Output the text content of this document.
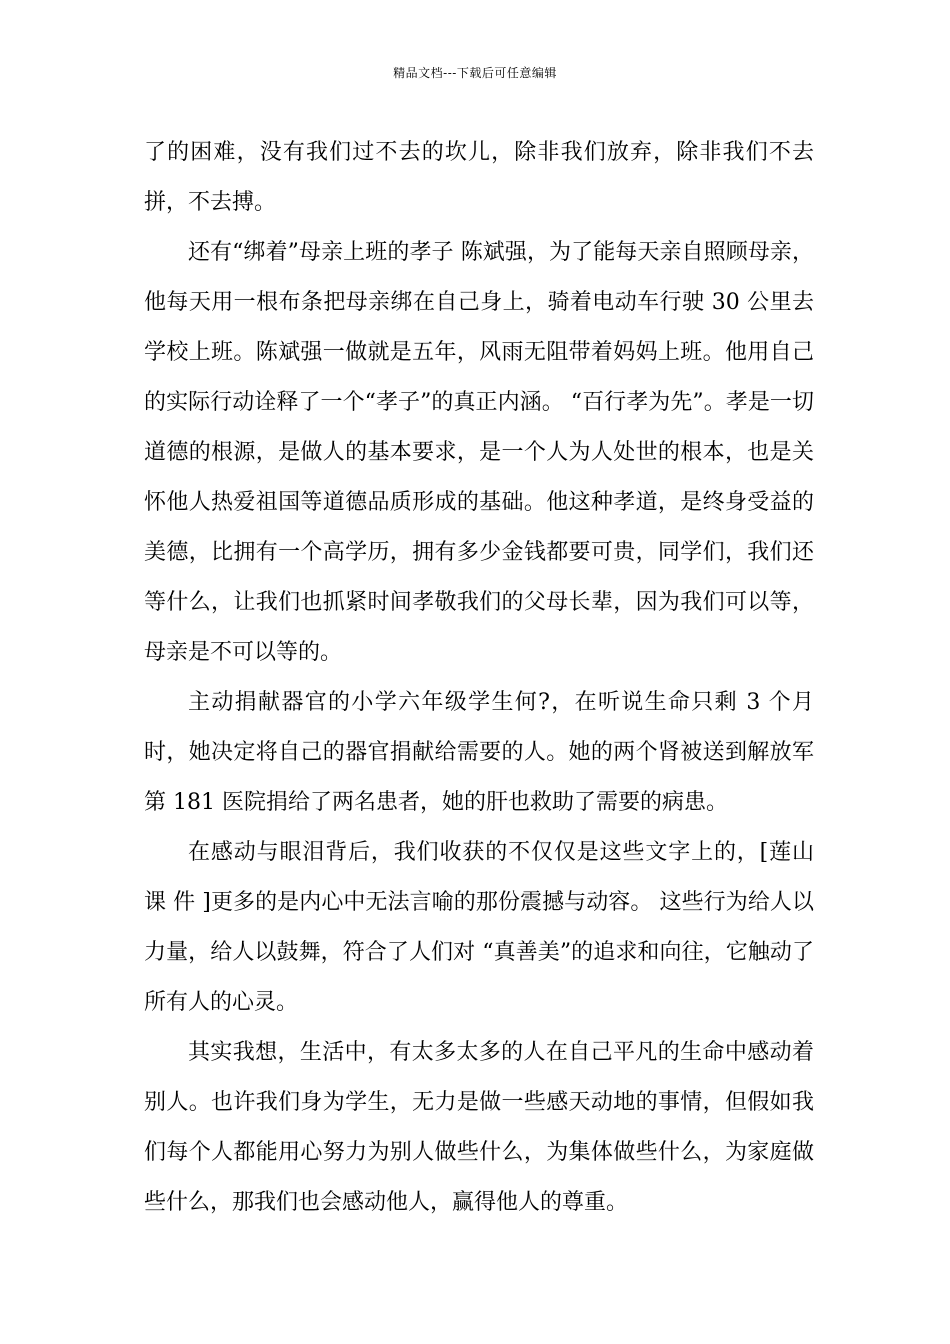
精品文档---下载后可任意编辑

了的困难，没有我们过不去的坎儿，除非我们放弃，除非我们不去拼，不去搏。

还有“绑着”母亲上班的孝子 陈斌强，为了能每天亲自照顾母亲，他每天用一根布条把母亲绑在自己身上，骑着电动车行驶 30 公里去学校上班。陈斌强一做就是五年，风雨无阻带着妈妈上班。他用自己的实际行动诠释了一个“孝子”的真正内涵。 “百行孝为先”。孝是一切道德的根源，是做人的基本要求，是一个人为人处世的根本，也是关怀他人热爱祖国等道德品质形成的基础。他这种孝道，是终身受益的美德，比拥有一个高学历，拥有多少金钱都要可贵，同学们，我们还等什么，让我们也抓紧时间孝敬我们的父母长辈，因为我们可以等，母亲是不可以等的。

主动捐献器官的小学六年级学生何?，在听说生命只剩 3 个月时，她决定将自己的器官捐献给需要的人。她的两个肾被送到解放军第 181 医院捐给了两名患者，她的肝也救助了需要的病患。

在感动与眼泪背后，我们收获的不仅仅是这些文字上的，[莲山 课 件 ]更多的是内心中无法言喻的那份震撼与动容。 这些行为给人以力量，给人以鼓舞，符合了人们对 “真善美”的追求和向往，它触动了所有人的心灵。

其实我想，生活中，有太多太多的人在自己平凡的生命中感动着别人。也许我们身为学生，无力是做一些感天动地的事情，但假如我们每个人都能用心努力为别人做些什么，为集体做些什么，为家庭做些什么，那我们也会感动他人，赢得他人的尊重。
